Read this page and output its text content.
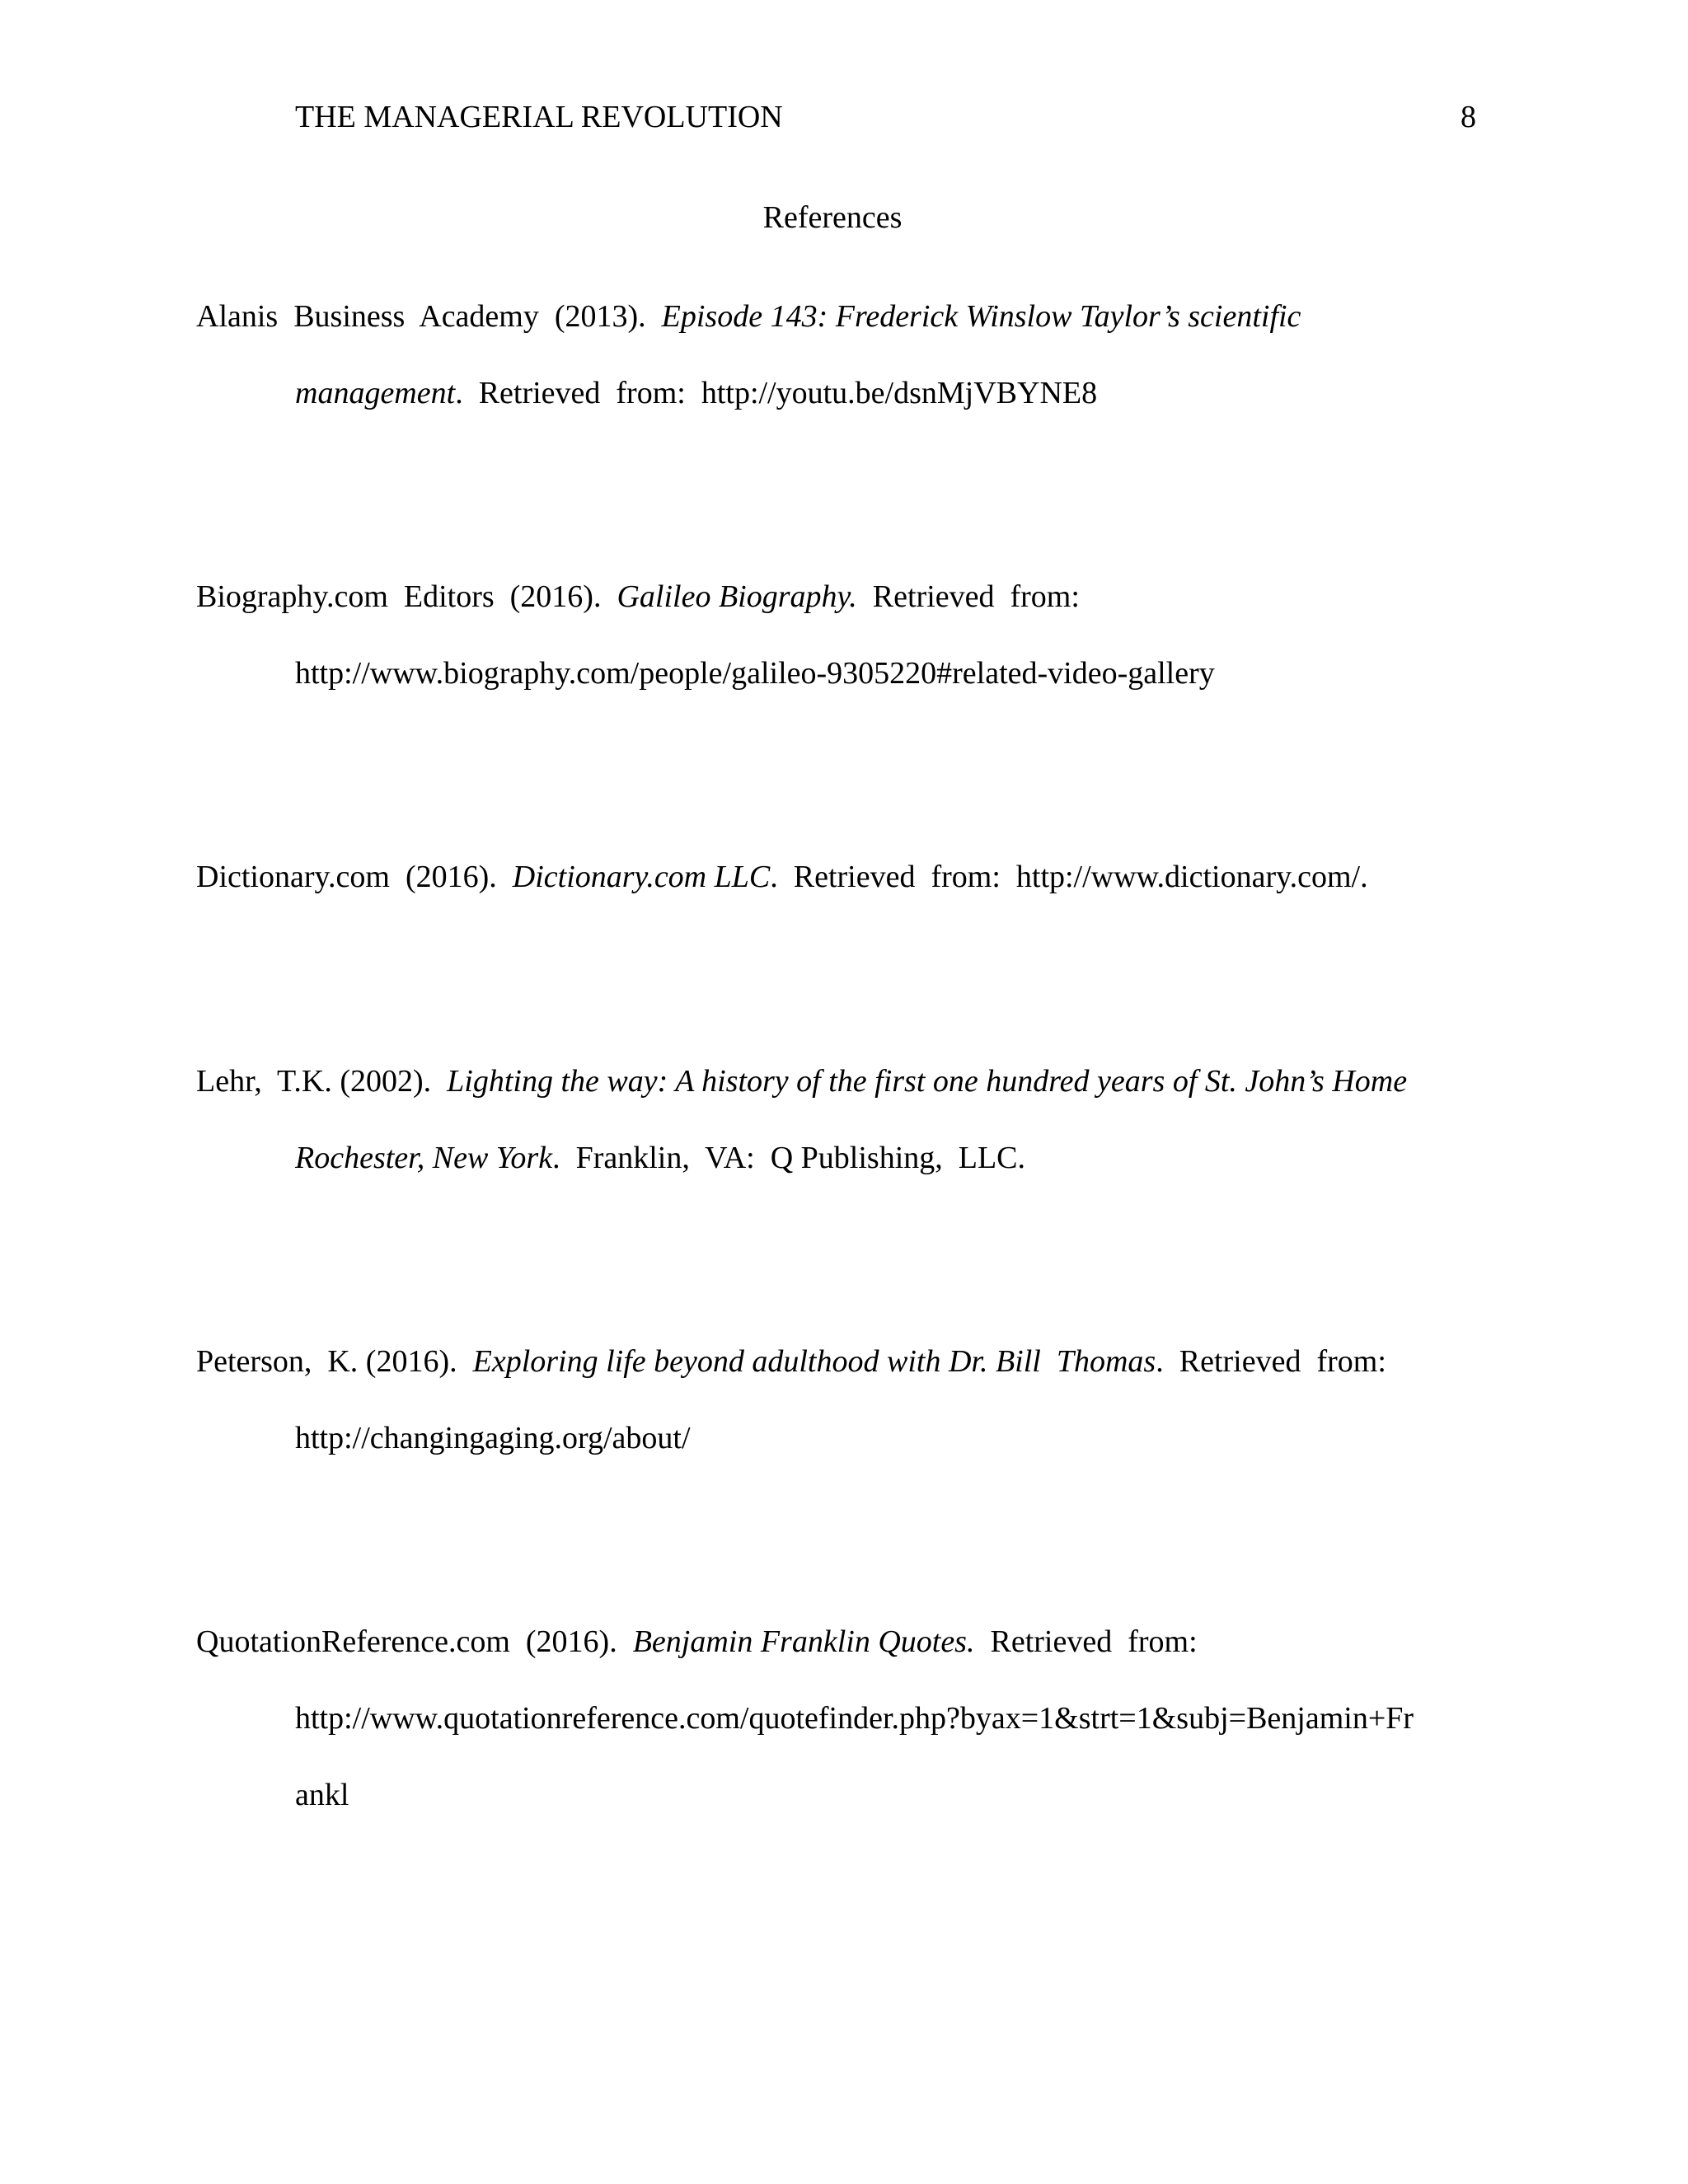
THE MANAGERIAL REVOLUTION	8
References
Alanis  Business  Academy  (2013).  Episode 143: Frederick Winslow Taylor’s scientific
management.  Retrieved  from:  http://youtu.be/dsnMjVBYNE8
Biography.com  Editors  (2016).  Galileo Biography.  Retrieved  from:
http://www.biography.com/people/galileo-9305220#related-video-gallery
Dictionary.com  (2016).  Dictionary.com LLC.  Retrieved  from:  http://www.dictionary.com/.
Lehr,  T.K. (2002).  Lighting the way: A history of the first one hundred years of St. John’s Home
Rochester, New York.  Franklin,  VA:  Q Publishing,  LLC.
Peterson,  K. (2016).  Exploring life beyond adulthood with Dr. Bill  Thomas.  Retrieved  from:
http://changingaging.org/about/
QuotationReference.com  (2016).  Benjamin Franklin Quotes.  Retrieved  from:
http://www.quotationreference.com/quotefinder.php?byax=1&strt=1&subj=Benjamin+Fr
ankl
